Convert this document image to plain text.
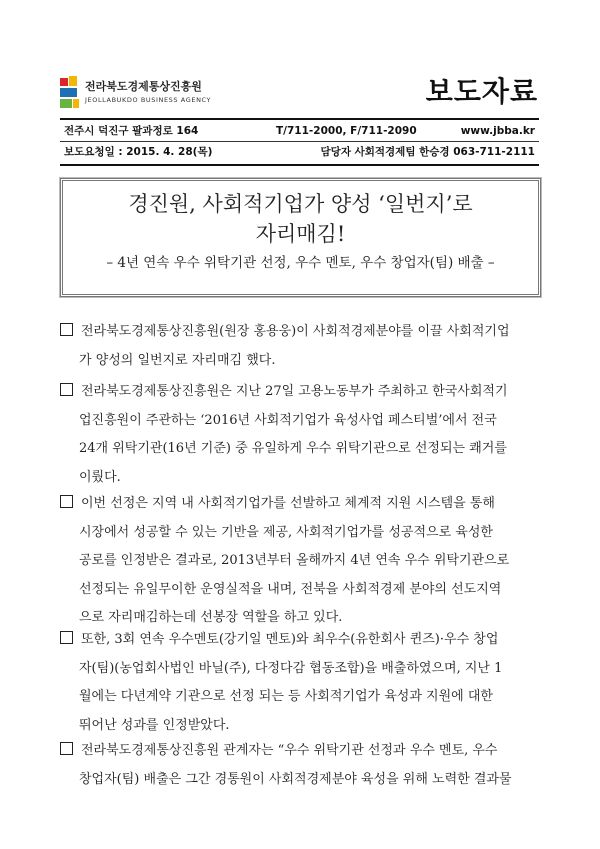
전라북도경제통상진흥원
JEOLLABUKDO BUSINESS AGENCY	보도자료
전주시 덕진구 팔과정로 164	T/711-2000, F/711-2090	www.jbba.kr
보도요청일 : 2015. 4. 28(목)	담당자 사회적경제팀 한승경 063-711-2111
경진원, 사회적기업가 양성 ‘일번지’로
자리매김!
– 4년 연속 우수 위탁기관 선정, 우수 멘토, 우수 창업자(팀) 배출 –
전라북도경제통상진흥원(원장 홍용웅)이 사회적경제분야를 이끌 사회적기업
가 양성의 일번지로 자리매김 했다.
전라북도경제통상진흥원은 지난 27일 고용노동부가 주최하고 한국사회적기
업진흥원이 주관하는 ‘2016년 사회적기업가 육성사업 페스티벌’에서 전국
24개 위탁기관(16년 기준) 중 유일하게 우수 위탁기관으로 선정되는 쾌거를
이뤘다.
이번 선정은 지역 내 사회적기업가를 선발하고 체계적 지원 시스템을 통해
시장에서 성공할 수 있는 기반을 제공, 사회적기업가를 성공적으로 육성한
공로를 인정받은 결과로, 2013년부터 올해까지 4년 연속 우수 위탁기관으로
선정되는 유일무이한 운영실적을 내며, 전북을 사회적경제 분야의 선도지역
으로 자리매김하는데 선봉장 역할을 하고 있다.
또한, 3회 연속 우수멘토(강기일 멘토)와 최우수(유한회사 퀸즈)·우수 창업
자(팀)(농업회사법인 바닐(주), 다정다감 협동조합)을 배출하였으며, 지난 1
월에는 다년계약 기관으로 선정 되는 등 사회적기업가 육성과 지원에 대한
뛰어난 성과를 인정받았다.
전라북도경제통상진흥원 관계자는 “우수 위탁기관 선정과 우수 멘토, 우수
창업자(팀) 배출은 그간 경통원이 사회적경제분야 육성을 위해 노력한 결과물
